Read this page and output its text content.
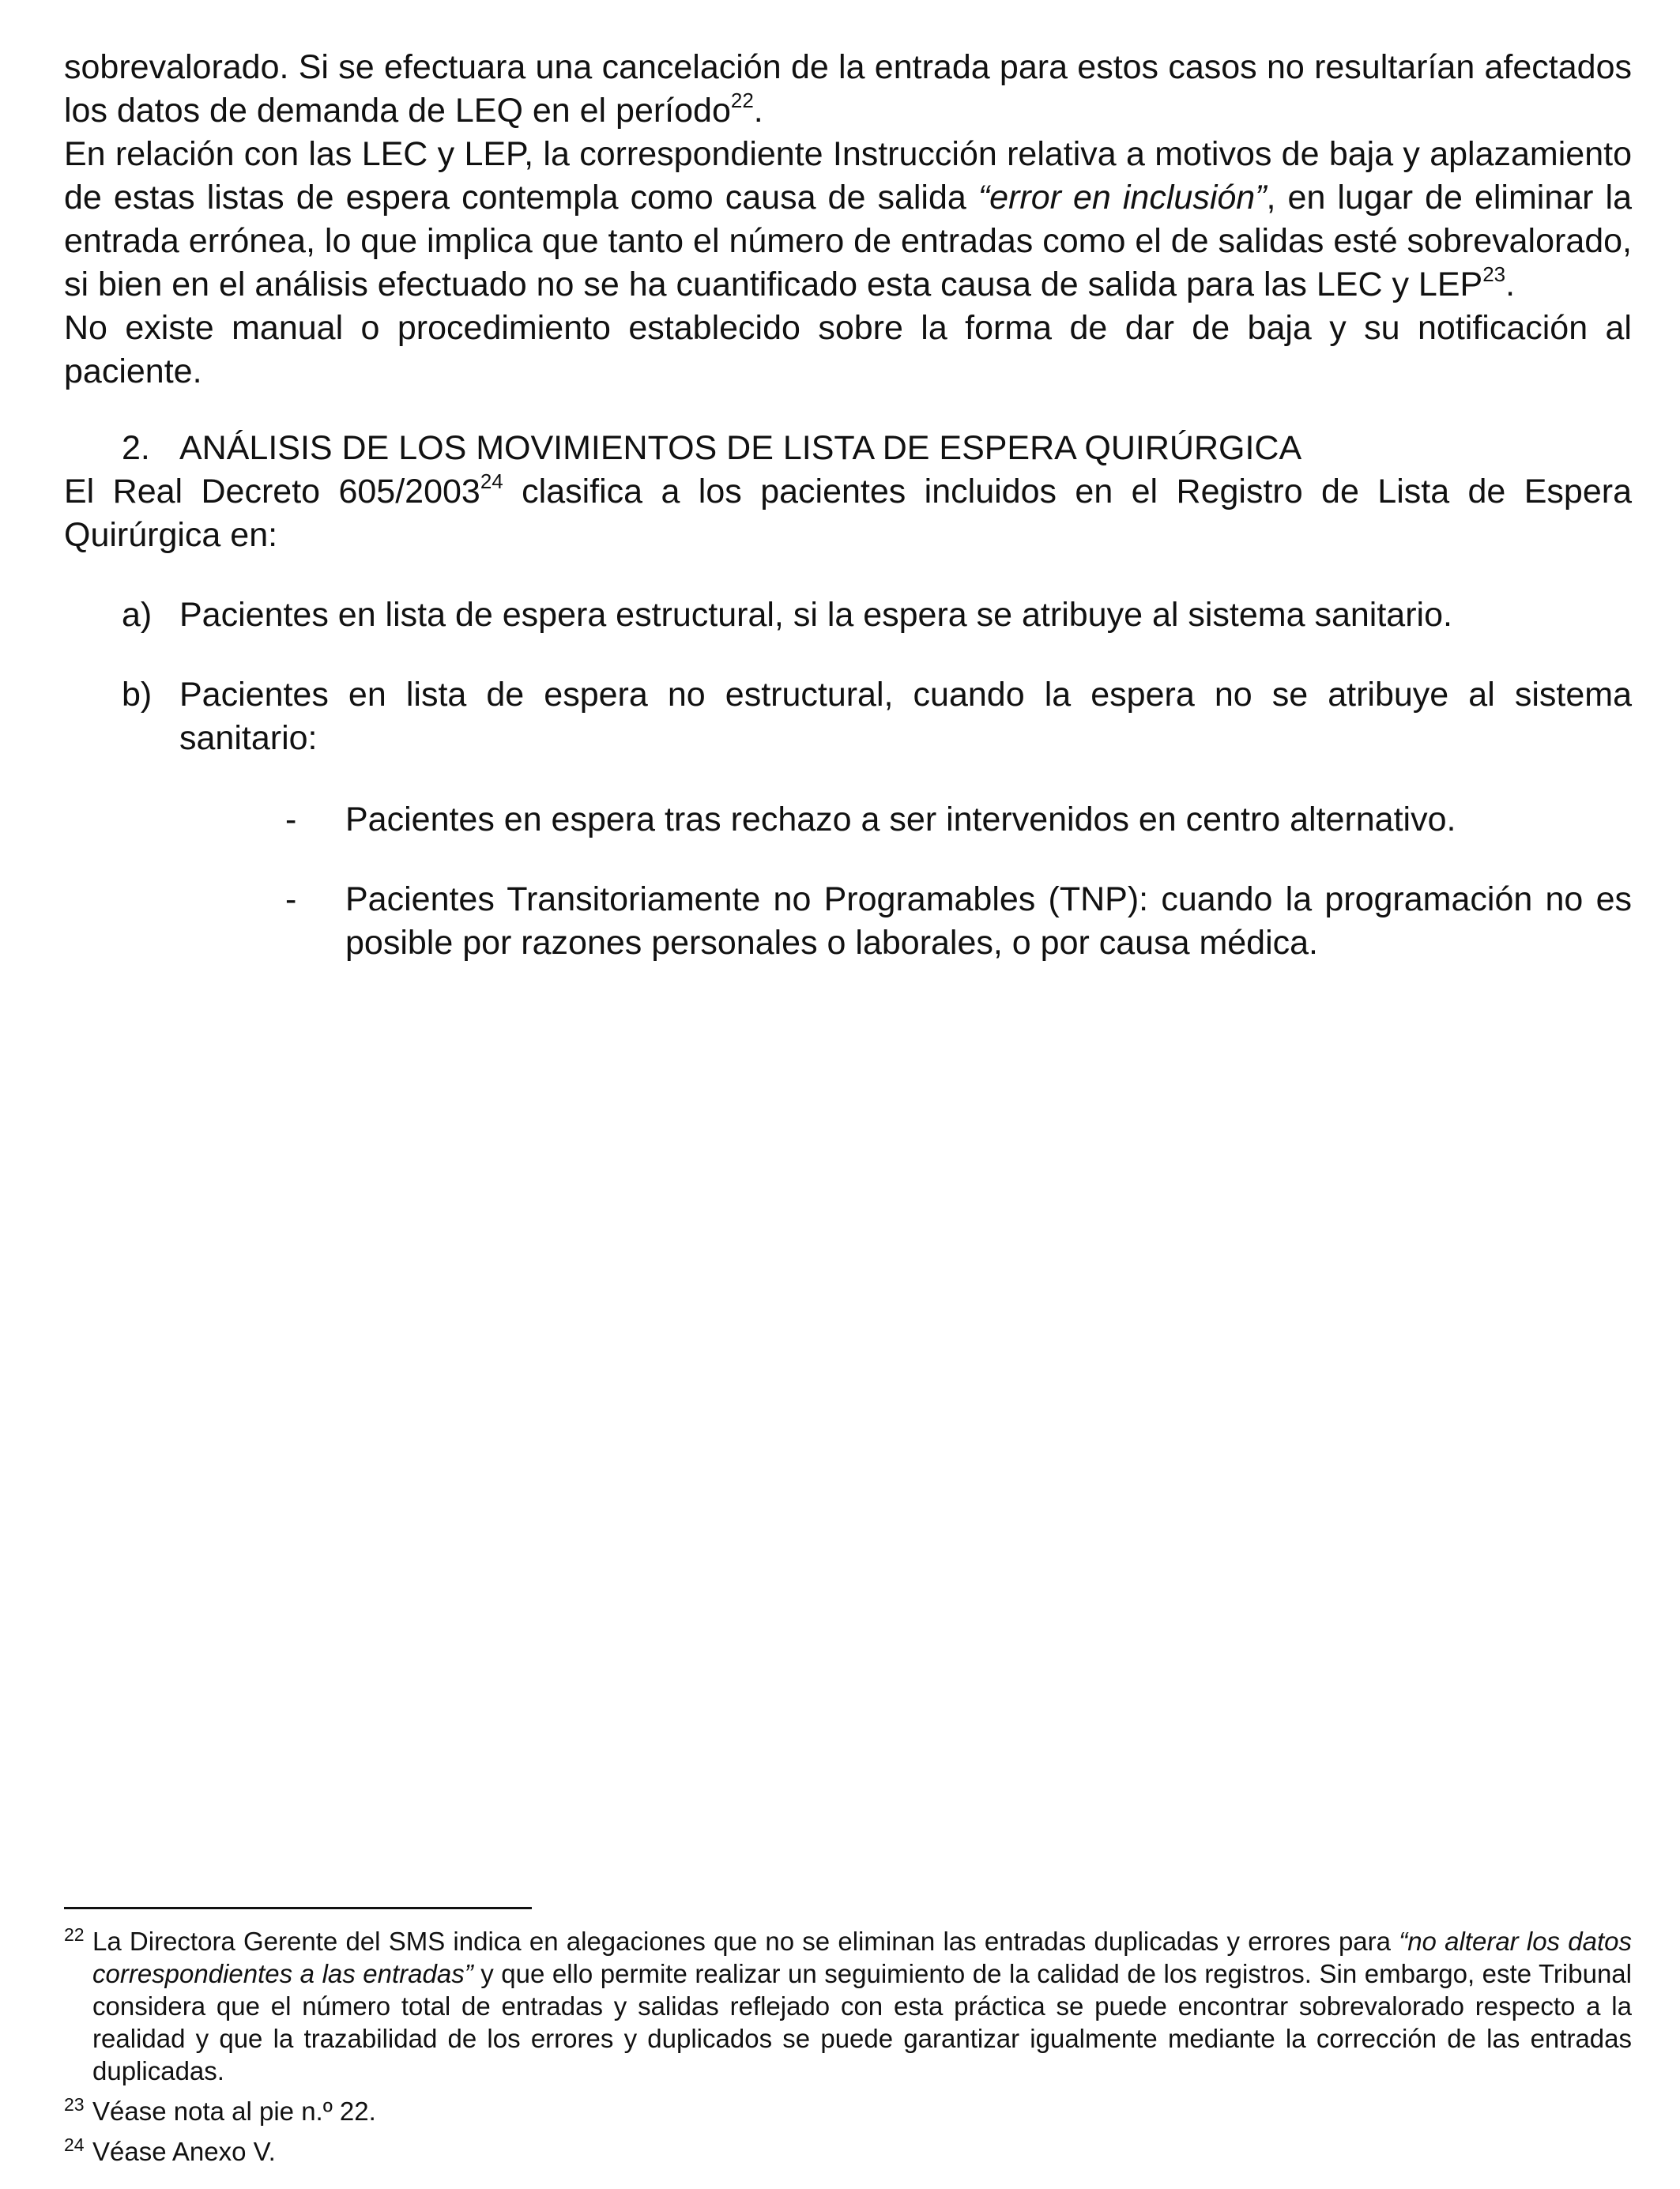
sobrevalorado. Si se efectuara una cancelación de la entrada para estos casos no resultarían afectados los datos de demanda de LEQ en el período$^{22}$.

En relación con las LEC y LEP, la correspondiente Instrucción relativa a motivos de baja y aplazamiento de estas listas de espera contempla como causa de salida “error en inclusión”, en lugar de eliminar la entrada errónea, lo que implica que tanto el número de entradas como el de salidas esté sobrevalorado, si bien en el análisis efectuado no se ha cuantificado esta causa de salida para las LEC y LEP$^{23}$.

No existe manual o procedimiento establecido sobre la forma de dar de baja y su notificación al paciente.

2. ANÁLISIS DE LOS MOVIMIENTOS DE LISTA DE ESPERA QUIRÚRGICA

El Real Decreto 605/2003$^{24}$ clasifica a los pacientes incluidos en el Registro de Lista de Espera Quirúrgica en:

a) Pacientes en lista de espera estructural, si la espera se atribuye al sistema sanitario.
b) Pacientes en lista de espera no estructural, cuando la espera no se atribuye al sistema sanitario:
-	Pacientes en espera tras rechazo a ser intervenidos en centro alternativo.
-	Pacientes Transitoriamente no Programables (TNP): cuando la programación no es posible por razones personales o laborales, o por causa médica.
22 La Directora Gerente del SMS indica en alegaciones que no se eliminan las entradas duplicadas y errores para “no alterar los datos correspondientes a las entradas” y que ello permite realizar un seguimiento de la calidad de los registros. Sin embargo, este Tribunal considera que el número total de entradas y salidas reflejado con esta práctica se puede encontrar sobrevalorado respecto a la realidad y que la trazabilidad de los errores y duplicados se puede garantizar igualmente mediante la corrección de las entradas duplicadas.
23 Véase nota al pie n.º 22.
24 Véase Anexo V.
